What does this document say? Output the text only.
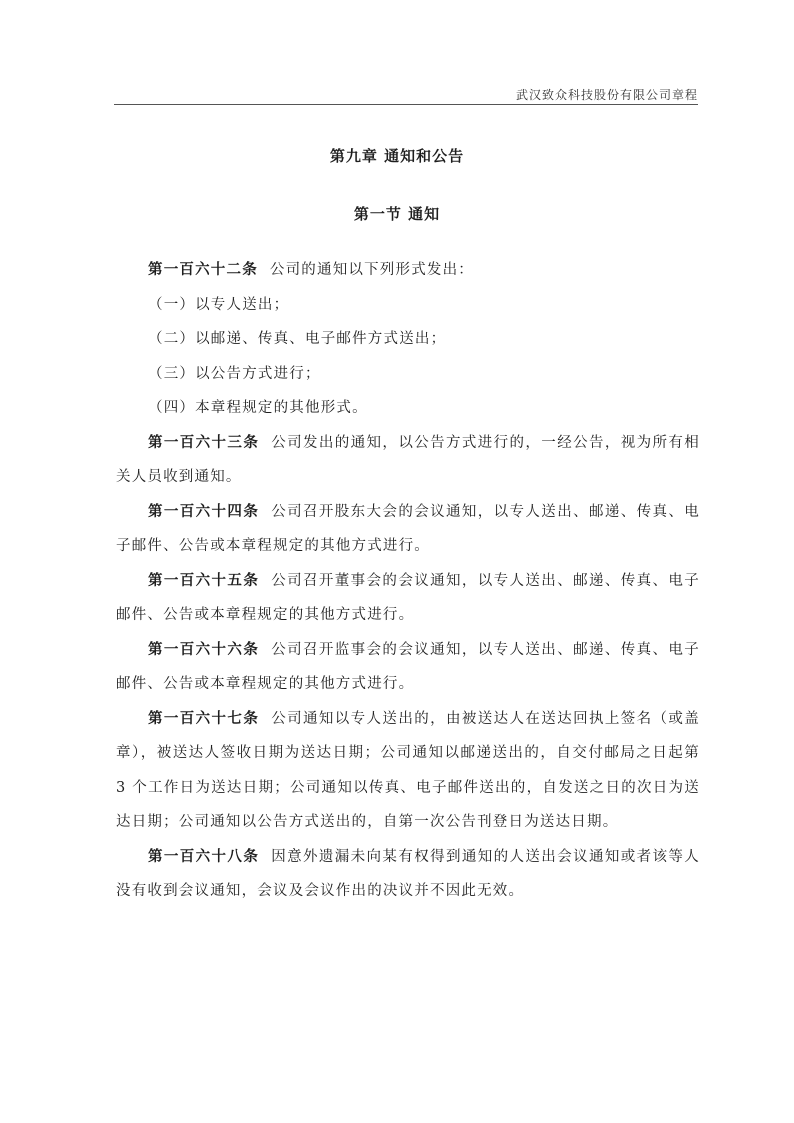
武汉致众科技股份有限公司章程
第九章 通知和公告
第一节 通知

第一百六十二条 公司的通知以下列形式发出：

（一）以专人送出；

（二）以邮递、传真、电子邮件方式送出；

（三）以公告方式进行；

（四）本章程规定的其他形式。

第一百六十三条 公司发出的通知，以公告方式进行的，一经公告，视为所有相关人员收到通知。

第一百六十四条 公司召开股东大会的会议通知，以专人送出、邮递、传真、电子邮件、公告或本章程规定的其他方式进行。

第一百六十五条 公司召开董事会的会议通知，以专人送出、邮递、传真、电子邮件、公告或本章程规定的其他方式进行。

第一百六十六条 公司召开监事会的会议通知，以专人送出、邮递、传真、电子邮件、公告或本章程规定的其他方式进行。

第一百六十七条 公司通知以专人送出的，由被送达人在送达回执上签名（或盖章），被送达人签收日期为送达日期；公司通知以邮递送出的，自交付邮局之日起第 3 个工作日为送达日期；公司通知以传真、电子邮件送出的，自发送之日的次日为送达日期；公司通知以公告方式送出的，自第一次公告刊登日为送达日期。

第一百六十八条 因意外遗漏未向某有权得到通知的人送出会议通知或者该等人没有收到会议通知，会议及会议作出的决议并不因此无效。
